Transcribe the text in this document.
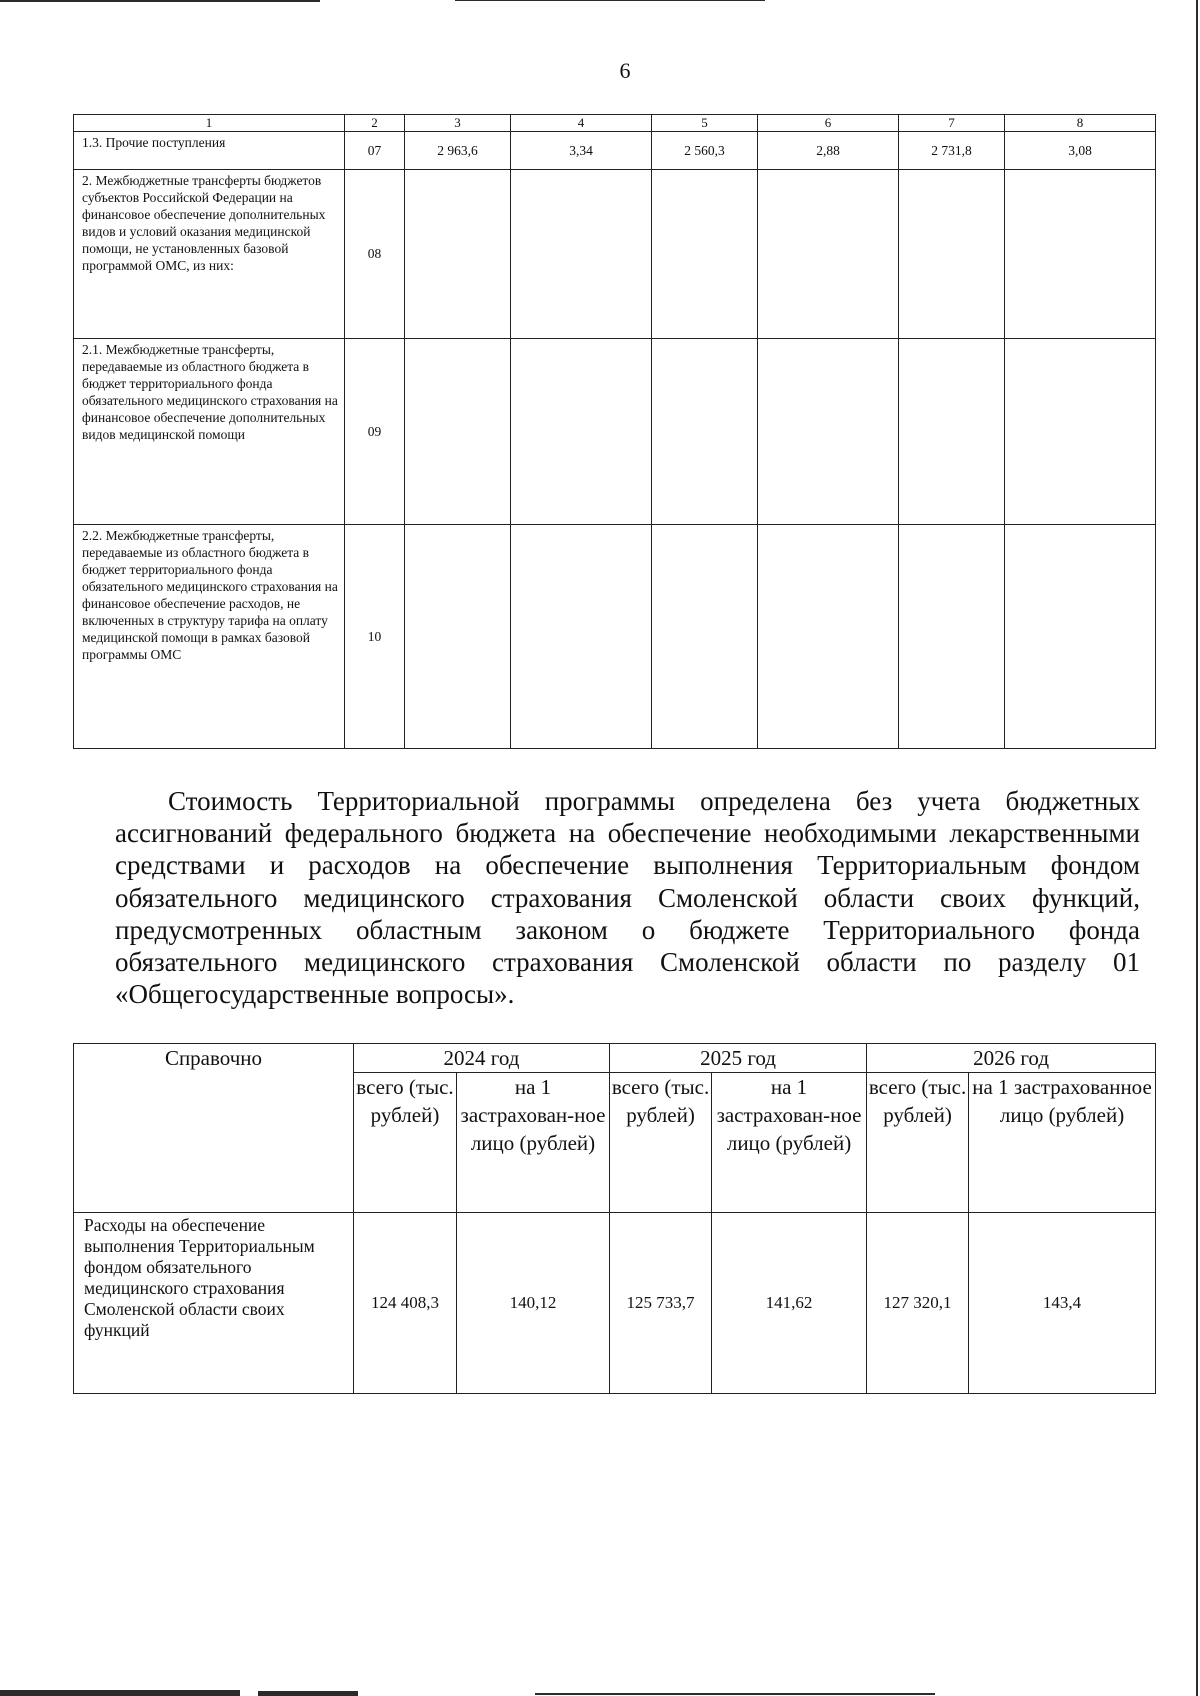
6
1	2	3	4	5	6	7	8
1.3. Прочие поступления	07	2 963,6	3,34	2 560,3	2,88	2 731,8	3,08
2. Межбюджетные трансферты бюджетов субъектов Российской Федерации на финансовое обеспечение дополнительных видов и условий оказания медицинской помощи, не установленных базовой программой ОМС, из них:	08						
2.1. Межбюджетные трансферты, передаваемые из областного бюджета в бюджет территориального фонда обязательного медицинского страхования на финансовое обеспечение дополнительных видов медицинской помощи	09						
2.2. Межбюджетные трансферты, передаваемые из областного бюджета в бюджет территориального фонда обязательного медицинского страхования на финансовое обеспечение расходов, не включенных в структуру тарифа на оплату медицинской помощи в рамках базовой программы ОМС	10						

Стоимость Территориальной программы определена без учета бюджетных ассигнований федерального бюджета на обеспечение необходимыми лекарственными средствами и расходов на обеспечение выполнения Территориальным фондом обязательного медицинского страхования Смоленской области своих функций, предусмотренных областным законом о бюджете Территориального фонда обязательного медицинского страхования Смоленской области по разделу 01 «Общегосударственные вопросы».

Справочно	2024 год		2025 год		2026 год	
	всего (тыс. рублей)	на 1 застрахован-ное лицо (рублей)	всего (тыс. рублей)	на 1 застрахован-ное лицо (рублей)	всего (тыс. рублей)	на 1 застрахованное лицо (рублей)
Расходы на обеспечение выполнения Территориальным фондом обязательного медицинского страхования Смоленской области своих функций	124 408,3	140,12	125 733,7	141,62	127 320,1	143,4
